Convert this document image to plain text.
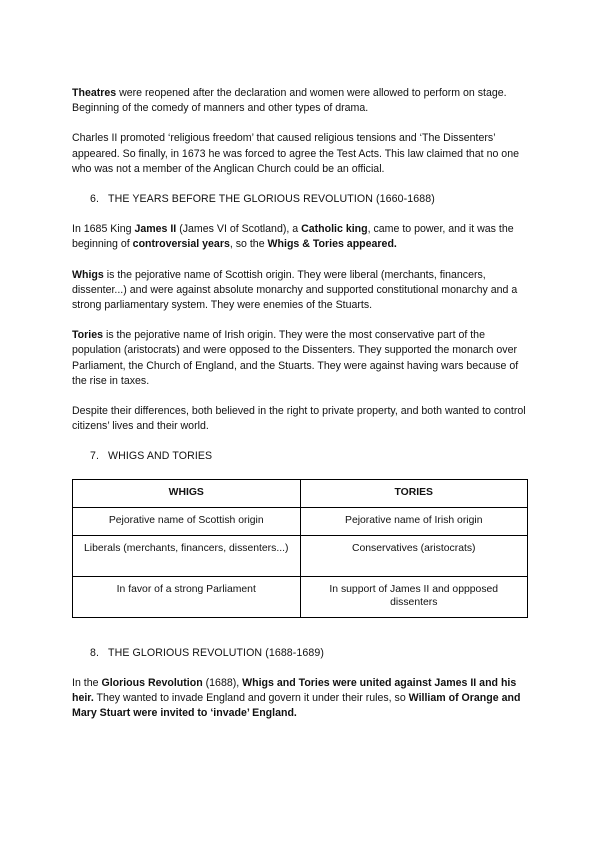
Theatres were reopened after the declaration and women were allowed to perform on stage. Beginning of the comedy of manners and other types of drama.

Charles II promoted ‘religious freedom’ that caused religious tensions and ‘The Dissenters’ appeared. So finally, in 1673 he was forced to agree the Test Acts. This law claimed that no one who was not a member of the Anglican Church could be an official.

6. THE YEARS BEFORE THE GLORIOUS REVOLUTION (1660-1688)

In 1685 King James II (James VI of Scotland), a Catholic king, came to power, and it was the beginning of controversial years, so the Whigs & Tories appeared.

Whigs is the pejorative name of Scottish origin. They were liberal (merchants, financers, dissenter...) and were against absolute monarchy and supported constitutional monarchy and a strong parliamentary system. They were enemies of the Stuarts.

Tories is the pejorative name of Irish origin. They were the most conservative part of the population (aristocrats) and were opposed to the Dissenters. They supported the monarch over Parliament, the Church of England, and the Stuarts. They were against having wars because of the rise in taxes.

Despite their differences, both believed in the right to private property, and both wanted to control citizens’ lives and their world.

7. WHIGS AND TORIES

WHIGS	TORIES
Pejorative name of Scottish origin	Pejorative name of Irish origin
Liberals (merchants, financers, dissenters...)	Conservatives (aristocrats)
In favor of a strong Parliament	In support of James II and oppposed dissenters

8. THE GLORIOUS REVOLUTION (1688-1689)

In the Glorious Revolution (1688), Whigs and Tories were united against James II and his heir. They wanted to invade England and govern it under their rules, so William of Orange and Mary Stuart were invited to ‘invade’ England.
